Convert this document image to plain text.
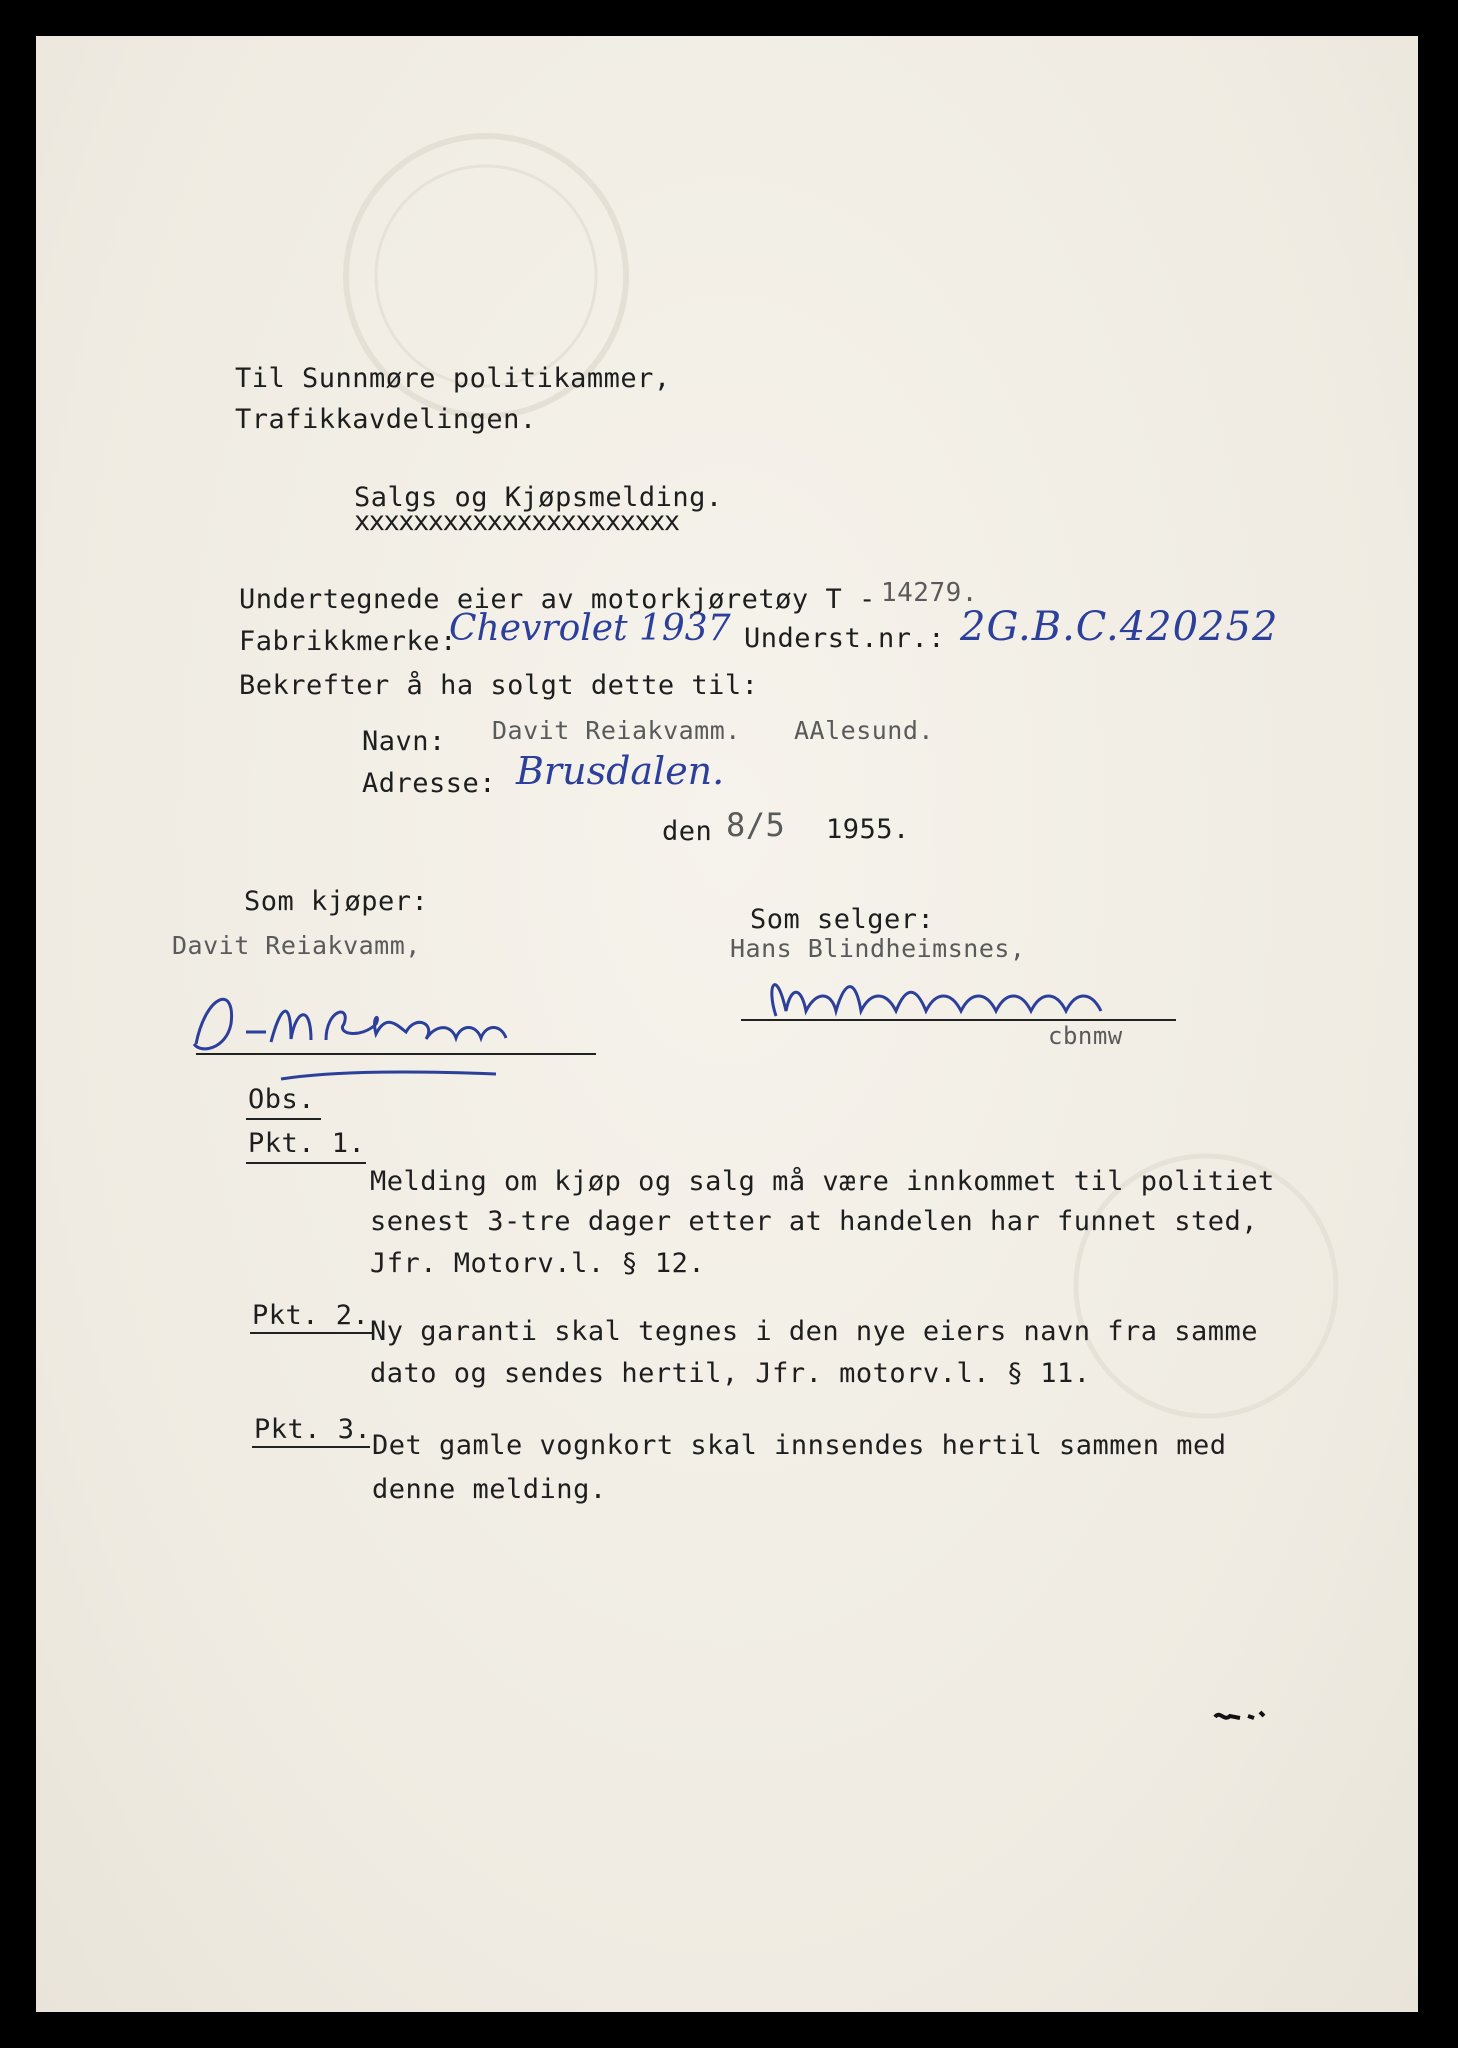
Til Sunnmøre politikammer,
Trafikkavdelingen.
Salgs og Kjøpsmelding.
xxxxxxxxxxxxxxxxxxxxxx
Undertegnede eier av motorkjøretøy T - 14279.
Fabrikkmerke:
Chevrolet 1937 Underst.nr.: 2G.B.C.420252
Bekrefter å ha solgt dette til:
Navn: Davit Reiakvamm. AAlesund.
Adresse: Brusdalen.
den 8/5 1955.
Som kjøper:
Davit Reiakvamm,
Som selger:
Hans Blindheimsnes,
cbnmw
Obs.
Pkt. 1.
Melding om kjøp og salg må være innkommet til politiet
senest 3-tre dager etter at handelen har funnet sted,
Jfr. Motorv.l. § 12.
Pkt. 2.
Ny garanti skal tegnes i den nye eiers navn fra samme
dato og sendes hertil, Jfr. motorv.l. § 11.
Pkt. 3.
Det gamle vognkort skal innsendes hertil sammen med
denne melding.
